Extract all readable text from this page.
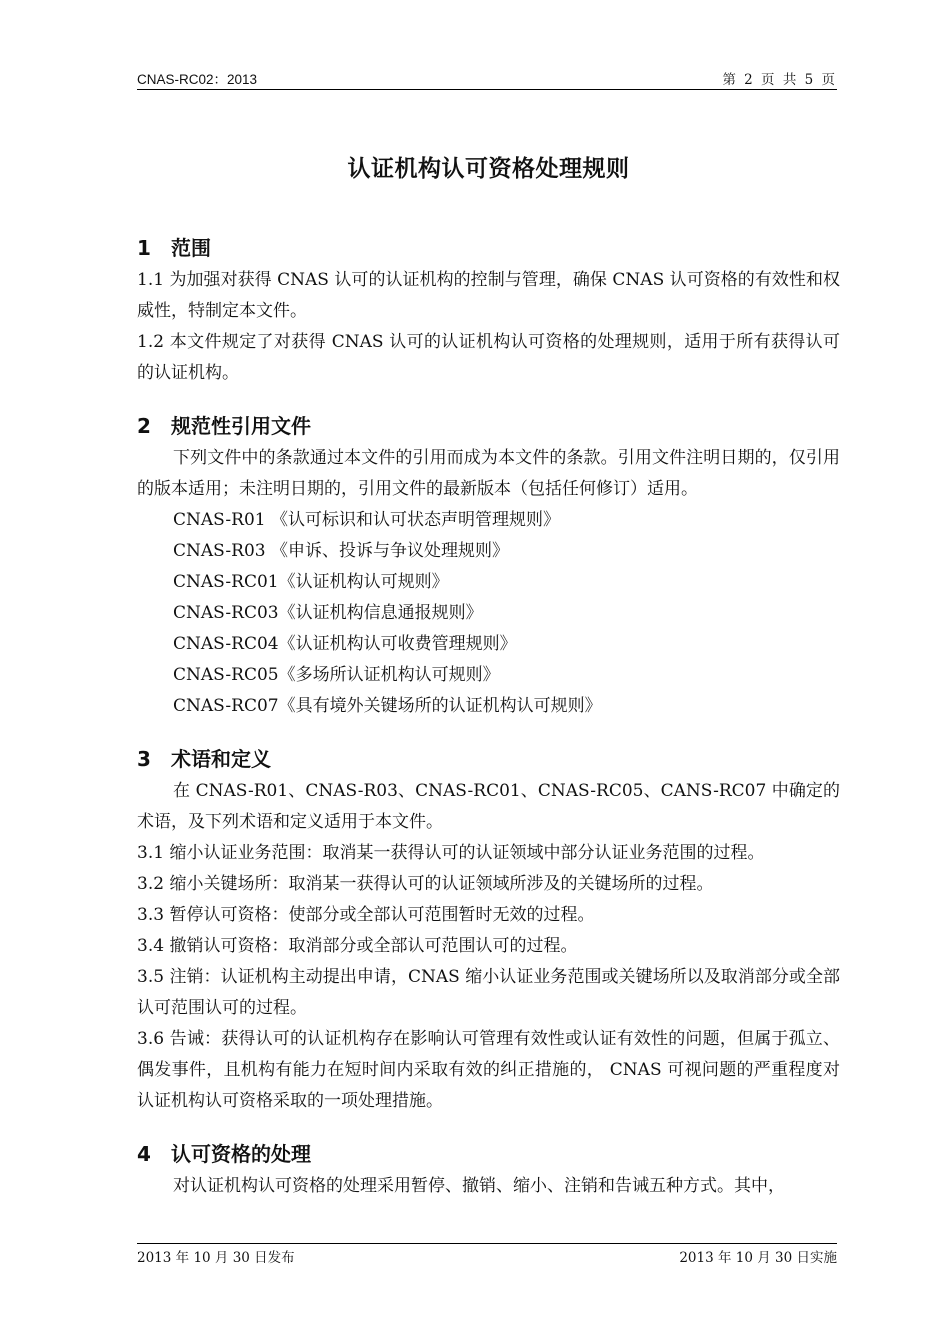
CNAS-RC02：2013	第 2 页 共 5 页
认证机构认可资格处理规则
1 范围

1.1 为加强对获得 CNAS 认可的认证机构的控制与管理，确保 CNAS 认可资格的有效性和权威性，特制定本文件。

1.2 本文件规定了对获得 CNAS 认可的认证机构认可资格的处理规则，适用于所有获得认可的认证机构。

2 规范性引用文件

下列文件中的条款通过本文件的引用而成为本文件的条款。引用文件注明日期的，仅引用的版本适用；未注明日期的，引用文件的最新版本（包括任何修订）适用。

CNAS-R01 《认可标识和认可状态声明管理规则》

CNAS-R03 《申诉、投诉与争议处理规则》

CNAS-RC01《认证机构认可规则》

CNAS-RC03《认证机构信息通报规则》

CNAS-RC04《认证机构认可收费管理规则》

CNAS-RC05《多场所认证机构认可规则》

CNAS-RC07《具有境外关键场所的认证机构认可规则》

3 术语和定义

在 CNAS-R01、CNAS-R03、CNAS-RC01、CNAS-RC05、CANS-RC07 中确定的术语，及下列术语和定义适用于本文件。

3.1 缩小认证业务范围：取消某一获得认可的认证领域中部分认证业务范围的过程。

3.2 缩小关键场所：取消某一获得认可的认证领域所涉及的关键场所的过程。

3.3 暂停认可资格：使部分或全部认可范围暂时无效的过程。

3.4 撤销认可资格：取消部分或全部认可范围认可的过程。

3.5 注销：认证机构主动提出申请，CNAS 缩小认证业务范围或关键场所以及取消部分或全部认可范围认可的过程。

3.6 告诫：获得认可的认证机构存在影响认可管理有效性或认证有效性的问题，但属于孤立、偶发事件，且机构有能力在短时间内采取有效的纠正措施的， CNAS 可视问题的严重程度对认证机构认可资格采取的一项处理措施。

4 认可资格的处理

对认证机构认可资格的处理采用暂停、撤销、缩小、注销和告诫五种方式。其中，

2013 年 10 月 30 日发布	2013 年 10 月 30 日实施
